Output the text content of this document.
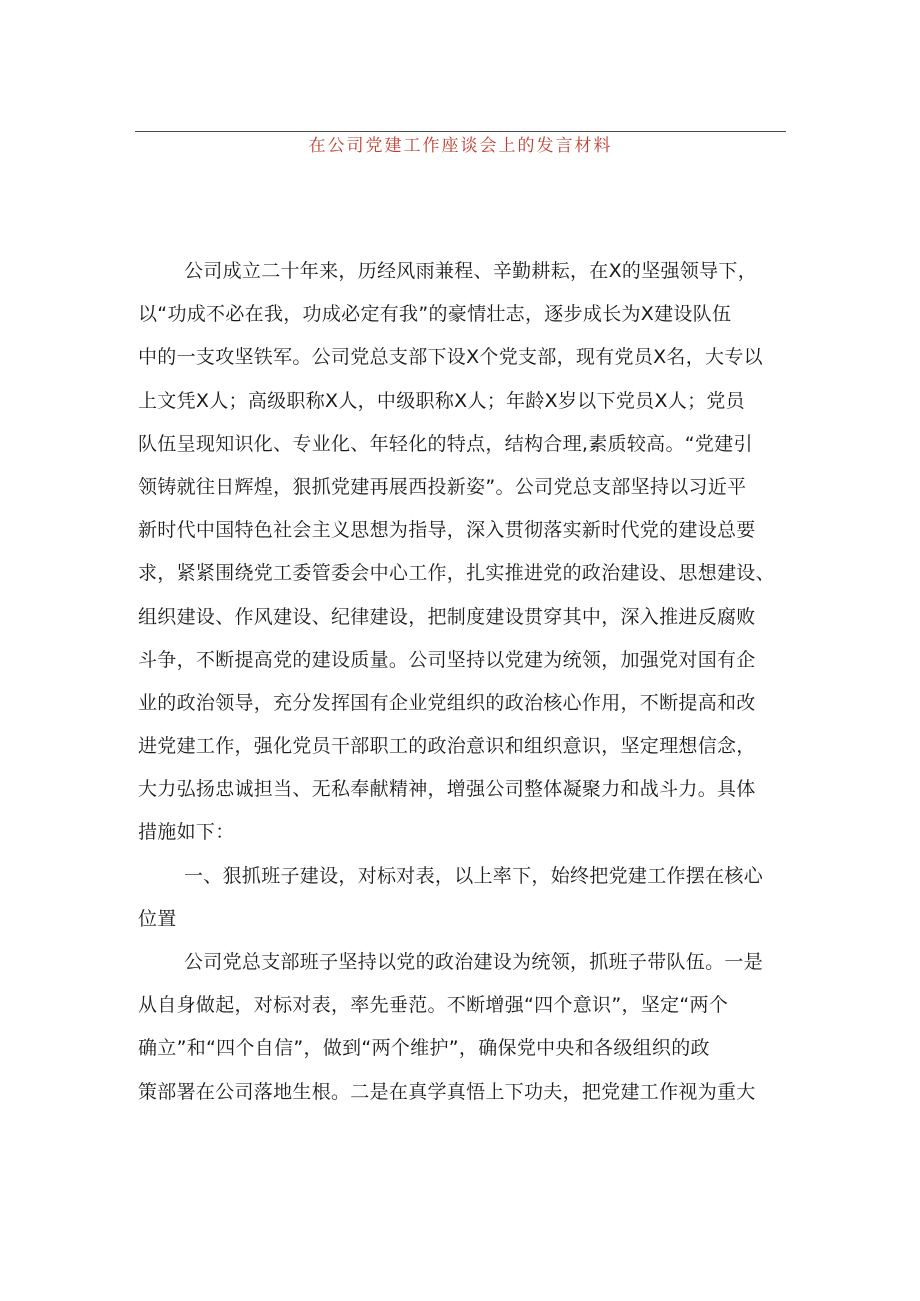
在公司党建工作座谈会上的发言材料
公司成立二十年来，历经风雨兼程、辛勤耕耘，在X的坚强领导下，
以“功成不必在我，功成必定有我”的豪情壮志，逐步成长为X建设队伍
中的一支攻坚铁军。公司党总支部下设X个党支部，现有党员X名，大专以
上文凭X人；高级职称X人，中级职称X人；年龄X岁以下党员X人；党员
队伍呈现知识化、专业化、年轻化的特点，结构合理,素质较高。“党建引
领铸就往日辉煌，狠抓党建再展西投新姿”。公司党总支部坚持以习近平
新时代中国特色社会主义思想为指导，深入贯彻落实新时代党的建设总要
求，紧紧围绕党工委管委会中心工作，扎实推进党的政治建设、思想建设、
组织建设、作风建设、纪律建设，把制度建设贯穿其中，深入推进反腐败
斗争，不断提高党的建设质量。公司坚持以党建为统领，加强党对国有企
业的政治领导，充分发挥国有企业党组织的政治核心作用，不断提高和改
进党建工作，强化党员干部职工的政治意识和组织意识，坚定理想信念，
大力弘扬忠诚担当、无私奉献精神，增强公司整体凝聚力和战斗力。具体
措施如下：
一、狠抓班子建设，对标对表，以上率下，始终把党建工作摆在核心
位置
公司党总支部班子坚持以党的政治建设为统领，抓班子带队伍。一是
从自身做起，对标对表，率先垂范。不断增强“四个意识”，坚定“两个
确立”和“四个自信”，做到“两个维护”，确保党中央和各级组织的政
策部署在公司落地生根。二是在真学真悟上下功夫，把党建工作视为重大
